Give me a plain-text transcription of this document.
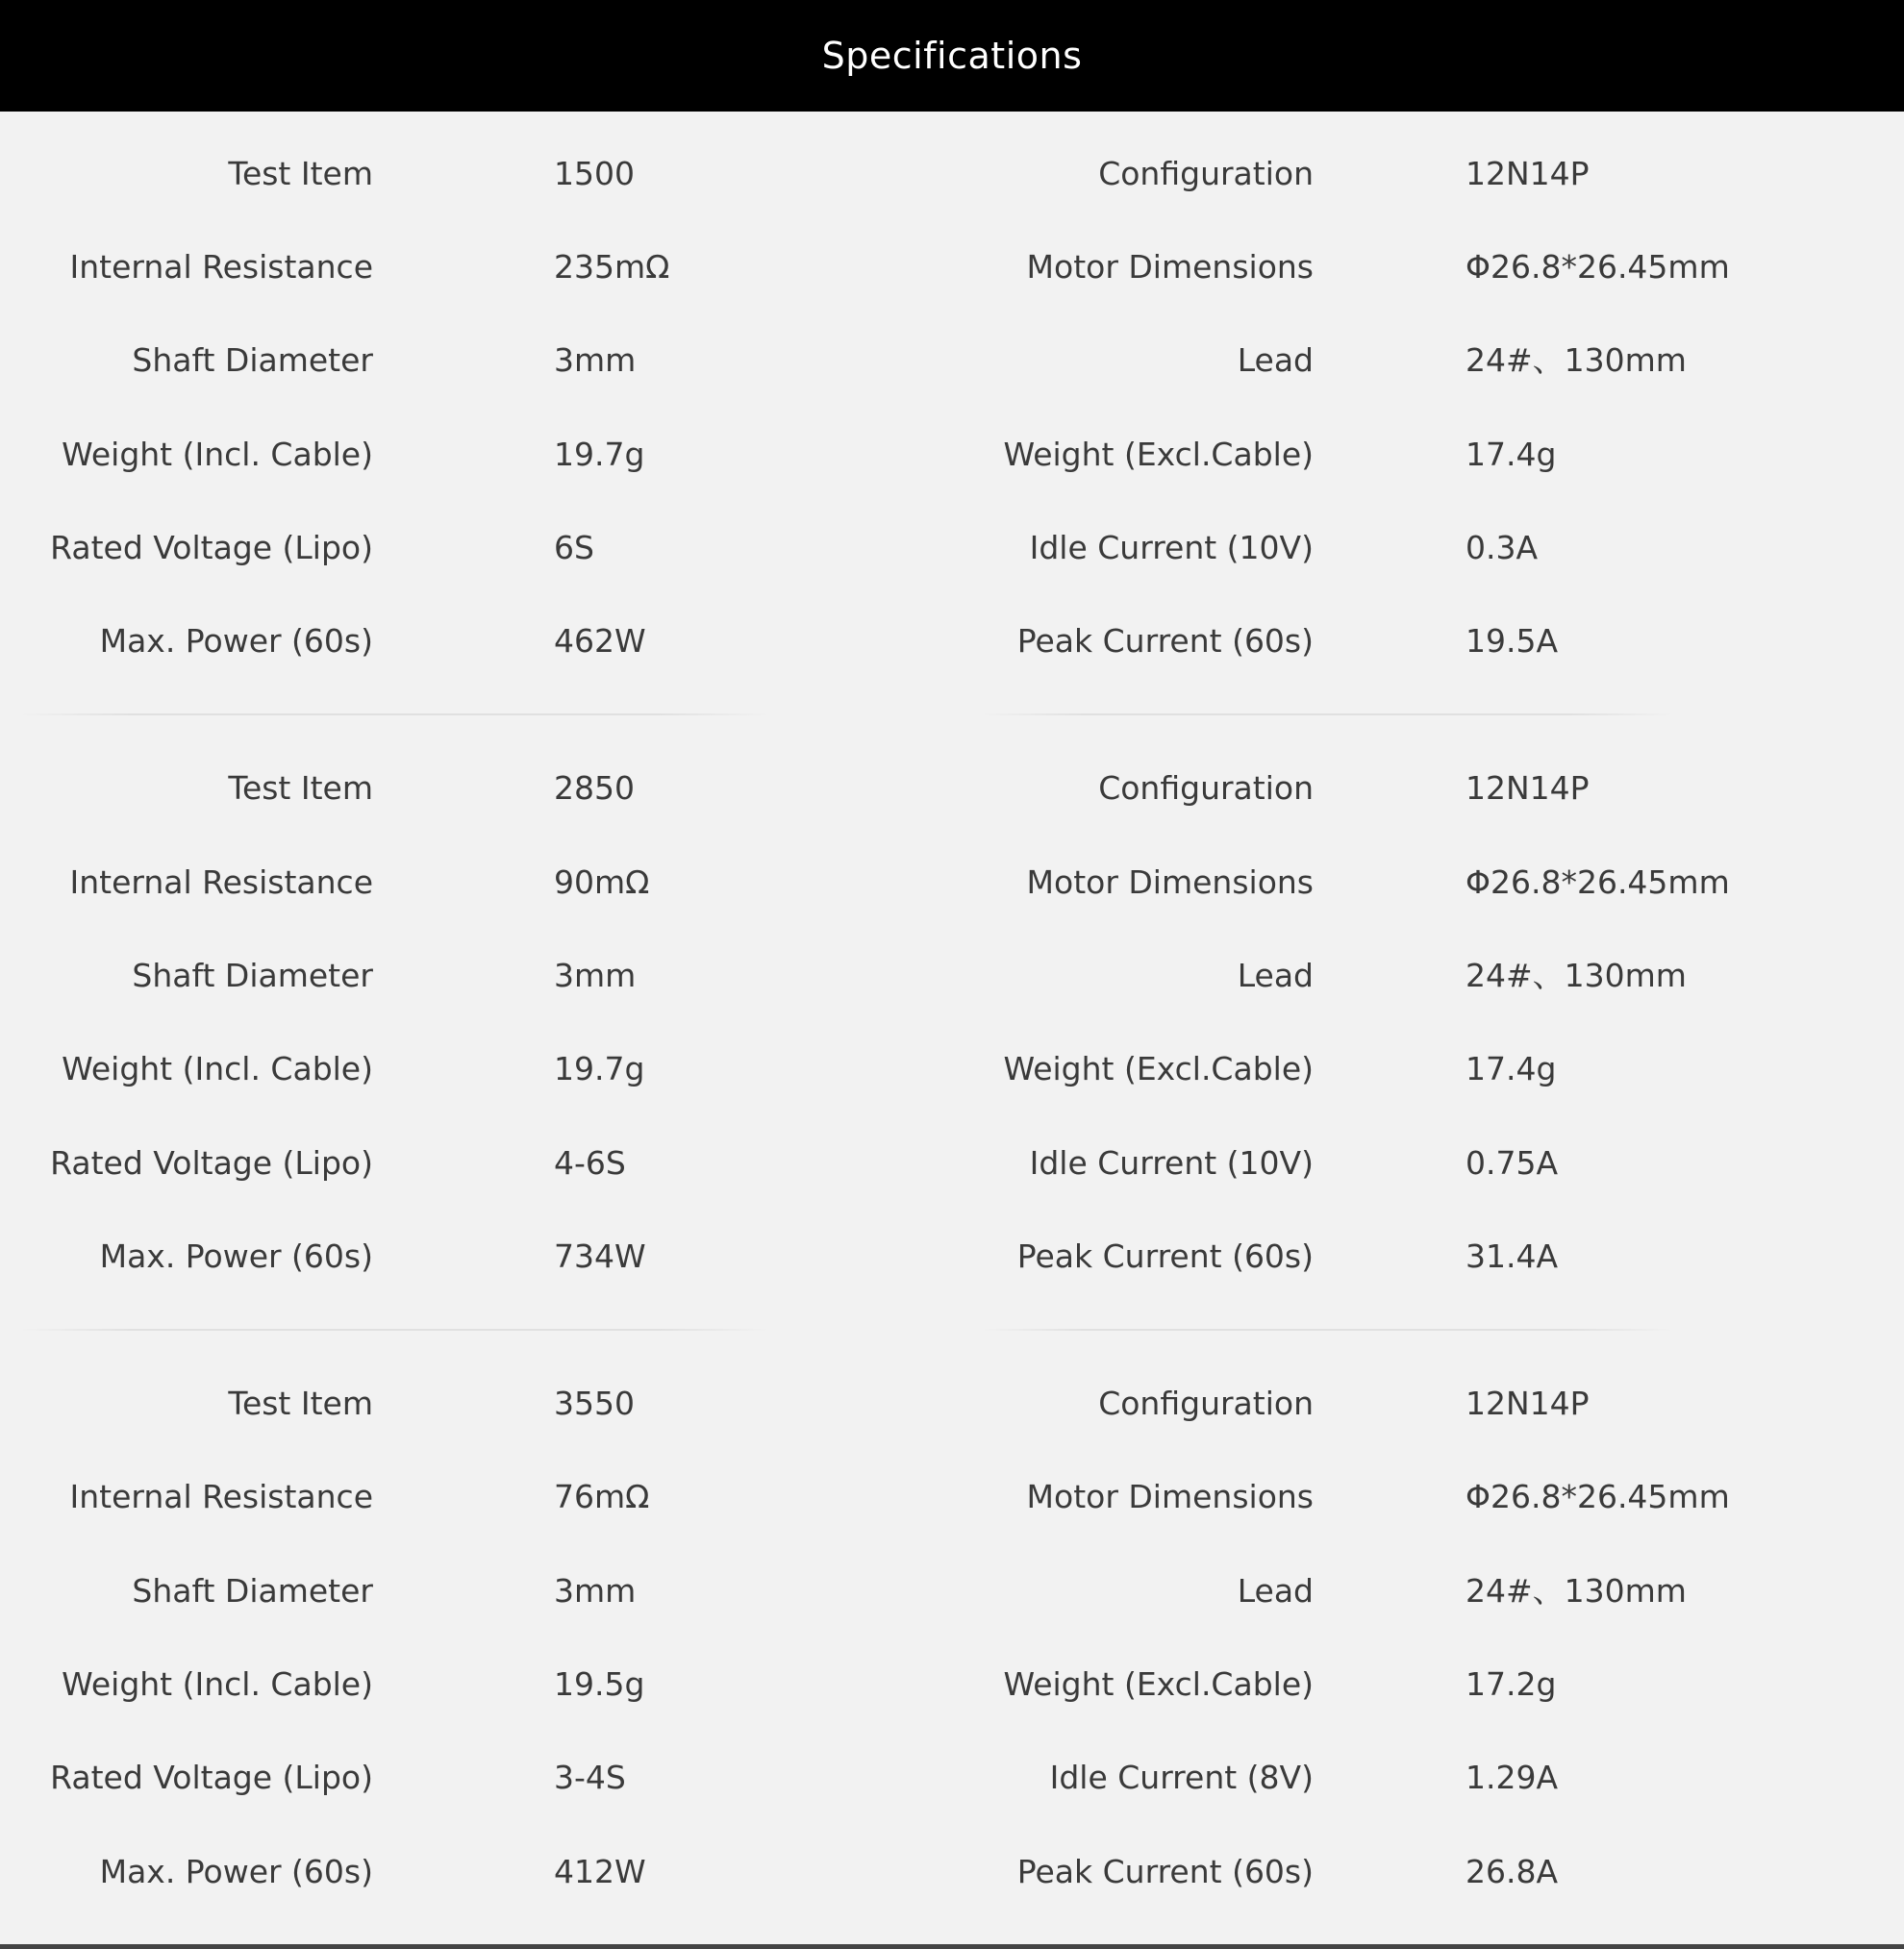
Specifications
Test Item	1500	Configuration	12N14P
Internal Resistance	235mΩ	Motor Dimensions	Φ26.8*26.45mm
Shaft Diameter	3mm	Lead	24#、130mm
Weight (Incl. Cable)	19.7g	Weight (Excl.Cable)	17.4g
Rated Voltage (Lipo)	6S	Idle Current (10V)	0.3A
Max. Power (60s)	462W	Peak Current (60s)	19.5A
Test Item	2850	Configuration	12N14P
Internal Resistance	90mΩ	Motor Dimensions	Φ26.8*26.45mm
Shaft Diameter	3mm	Lead	24#、130mm
Weight (Incl. Cable)	19.7g	Weight (Excl.Cable)	17.4g
Rated Voltage (Lipo)	4-6S	Idle Current (10V)	0.75A
Max. Power (60s)	734W	Peak Current (60s)	31.4A
Test Item	3550	Configuration	12N14P
Internal Resistance	76mΩ	Motor Dimensions	Φ26.8*26.45mm
Shaft Diameter	3mm	Lead	24#、130mm
Weight (Incl. Cable)	19.5g	Weight (Excl.Cable)	17.2g
Rated Voltage (Lipo)	3-4S	Idle Current (8V)	1.29A
Max. Power (60s)	412W	Peak Current (60s)	26.8A
